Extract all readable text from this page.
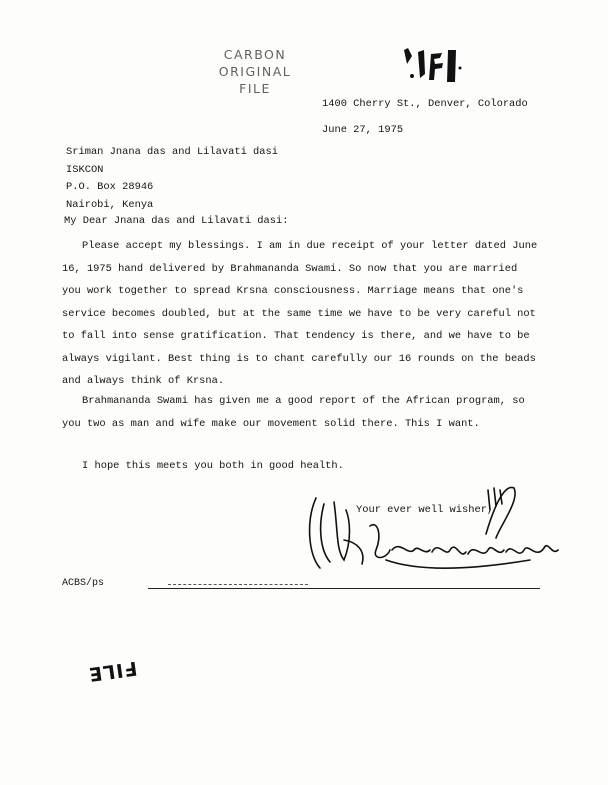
CARBON
ORIGINAL
FILE
1400 Cherry St., Denver, Colorado
June 27, 1975
Sriman Jnana das and Lilavati dasi
ISKCON
P.O. Box 28946
Nairobi, Kenya
My Dear Jnana das and Lilavati dasi:
Please accept my blessings. I am in due receipt of your letter dated June 16, 1975 hand delivered by Brahmananda Swami. So now that you are married you work together to spread Krsna consciousness. Marriage means that one's service becomes doubled, but at the same time we have to be very careful not to fall into sense gratification. That tendency is there, and we have to be always vigilant. Best thing is to chant carefully our 16 rounds on the beads and always think of Krsna.
Brahmananda Swami has given me a good report of the African program, so you two as man and wife make our movement solid there. This I want.
I hope this meets you both in good health.
Your ever well wisher,
ACBS/ps
FILE
